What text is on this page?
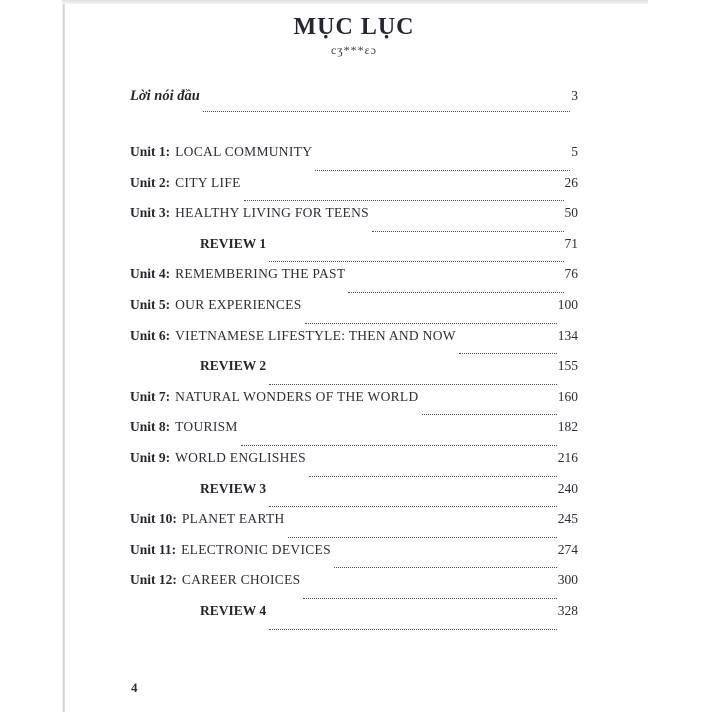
MỤC LỤC
cʒ***ɛɔ
Lời nói đầu	3
Unit 1: LOCAL COMMUNITY	5
Unit 2: CITY LIFE	26
Unit 3: HEALTHY LIVING FOR TEENS	50
REVIEW 1	71
Unit 4: REMEMBERING THE PAST	76
Unit 5: OUR EXPERIENCES	100
Unit 6: VIETNAMESE LIFESTYLE: THEN AND NOW	134
REVIEW 2	155
Unit 7: NATURAL WONDERS OF THE WORLD	160
Unit 8: TOURISM	182
Unit 9: WORLD ENGLISHES	216
REVIEW 3	240
Unit 10: PLANET EARTH	245
Unit 11: ELECTRONIC DEVICES	274
Unit 12: CAREER CHOICES	300
REVIEW 4	328
4
